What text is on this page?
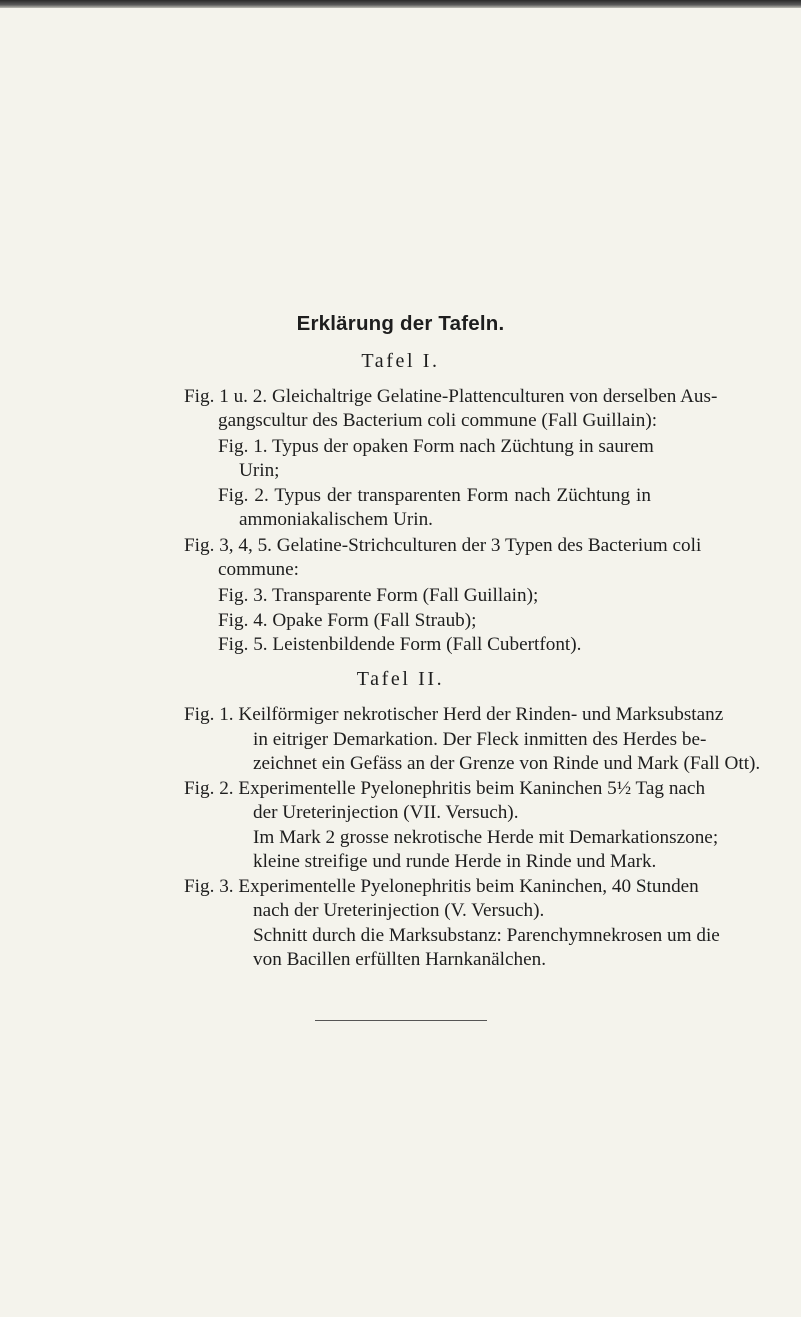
Erklärung der Tafeln.
Tafel I.
Fig. 1 u. 2. Gleichaltrige Gelatine-Plattenculturen von derselben Aus-
gangscultur des Bacterium coli commune (Fall Guillain):
Fig. 1. Typus der opaken Form nach Züchtung in saurem
Urin;
Fig. 2. Typus der transparenten Form nach Züchtung in
ammoniakalischem Urin.
Fig. 3, 4, 5. Gelatine-Strichculturen der 3 Typen des Bacterium coli
commune:
Fig. 3. Transparente Form (Fall Guillain);
Fig. 4. Opake Form (Fall Straub);
Fig. 5. Leistenbildende Form (Fall Cubertfont).
Tafel II.
Fig. 1. Keilförmiger nekrotischer Herd der Rinden- und Marksubstanz
in eitriger Demarkation. Der Fleck inmitten des Herdes be-
zeichnet ein Gefäss an der Grenze von Rinde und Mark (Fall Ott).
Fig. 2. Experimentelle Pyelonephritis beim Kaninchen 5½ Tag nach
der Ureterinjection (VII. Versuch).
Im Mark 2 grosse nekrotische Herde mit Demarkationszone;
kleine streifige und runde Herde in Rinde und Mark.
Fig. 3. Experimentelle Pyelonephritis beim Kaninchen, 40 Stunden
nach der Ureterinjection (V. Versuch).
Schnitt durch die Marksubstanz: Parenchymnekrosen um die
von Bacillen erfüllten Harnkanälchen.
